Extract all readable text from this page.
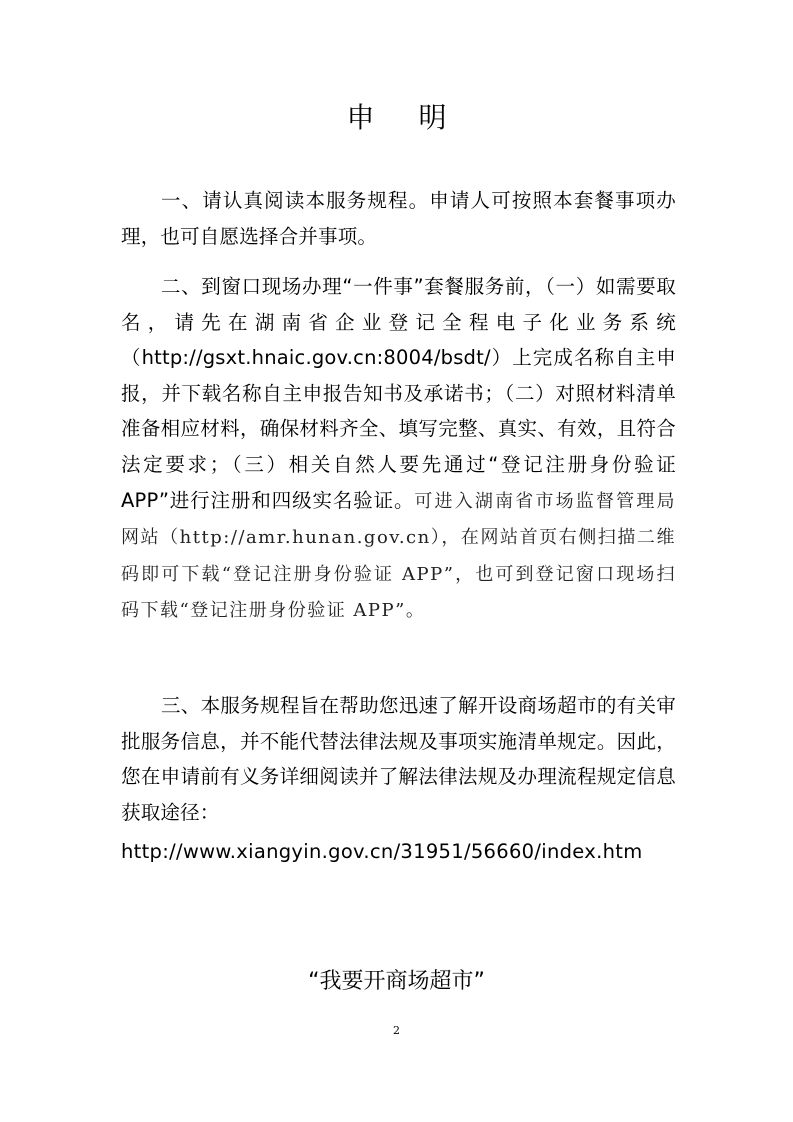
申 明

一、请认真阅读本服务规程。申请人可按照本套餐事项办理，也可自愿选择合并事项。

二、到窗口现场办理“一件事”套餐服务前，（一）如需要取名，请先在湖南省企业登记全程电子化业务系统（http://gsxt.hnaic.gov.cn:8004/bsdt/）上完成名称自主申报，并下载名称自主申报告知书及承诺书；（二）对照材料清单准备相应材料，确保材料齐全、填写完整、真实、有效，且符合法定要求；（三）相关自然人要先通过“登记注册身份验证 APP”进行注册和四级实名验证。可进入湖南省市场监督管理局网站（http://amr.hunan.gov.cn），在网站首页右侧扫描二维码即可下载“登记注册身份验证 APP”，也可到登记窗口现场扫码下载“登记注册身份验证 APP”。

三、本服务规程旨在帮助您迅速了解开设商场超市的有关审批服务信息，并不能代替法律法规及事项实施清单规定。因此，您在申请前有义务详细阅读并了解法律法规及办理流程规定信息获取途径：

http://www.xiangyin.gov.cn/31951/56660/index.htm
“我要开商场超市”
2
